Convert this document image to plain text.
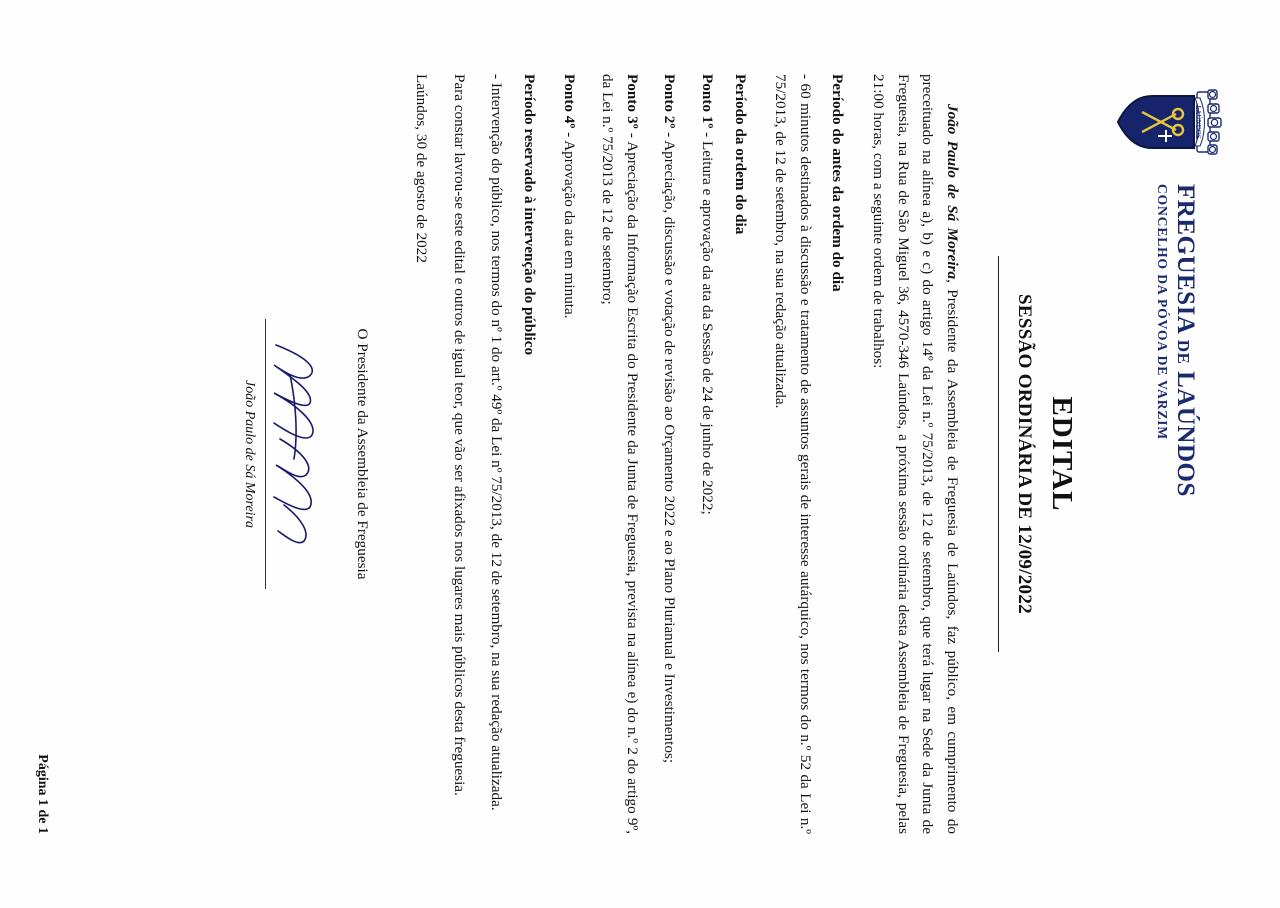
LAÚNDOS
FREGUESIA DE LAÚNDOS
CONCELHO DA PÓVOA DE VARZIM
EDITAL
SESSÃO ORDINÁRIA DE 12/09/2022

João Paulo de Sá Moreira, Presidente da Assembleia de Freguesia de Laúndos, faz público, em cumprimento do preceituado na alínea a), b) e c) do artigo 14º da Lei n.º 75/2013, de 12 de setembro, que terá lugar na Sede da Junta de Freguesia, na Rua de São Miguel 36, 4570-346 Laúndos, a próxima sessão ordinária desta Assembleia de Freguesia, pelas 21:00 horas, com a seguinte ordem de trabalhos:

Período do antes da ordem do dia

- 60 minutos destinados à discussão e tratamento de assuntos gerais de interesse autárquico, nos termos do n.º 52 da Lei n.º 75/2013, de 12 de setembro, na sua redação atualizada.

Período da ordem do dia

Ponto 1º - Leitura e aprovação da ata da Sessão de 24 de junho de 2022;

Ponto 2º - Apreciação, discussão e votação de revisão ao Orçamento 2022 e ao Plano Plurianual e Investimentos;

Ponto 3º - Apreciação da Informação Escrita do Presidente da Junta de Freguesia, prevista na alínea e) do n.º 2 do artigo 9º, da Lei n.º 75/2013 de 12 de setembro;

Ponto 4º - Aprovação da ata em minuta.

Período reservado à intervenção do público

- Intervenção do público, nos termos do nº 1 do art.º 49º da Lei nº 75/2013, de 12 de setembro, na sua redação atualizada.

Para constar lavrou-se este edital e outros de igual teor, que vão ser afixados nos lugares mais públicos desta freguesia.

Laúndos, 30 de agosto de 2022

O Presidente da Assembleia de Freguesia
João Paulo de Sá Moreira
Página 1 de 1
